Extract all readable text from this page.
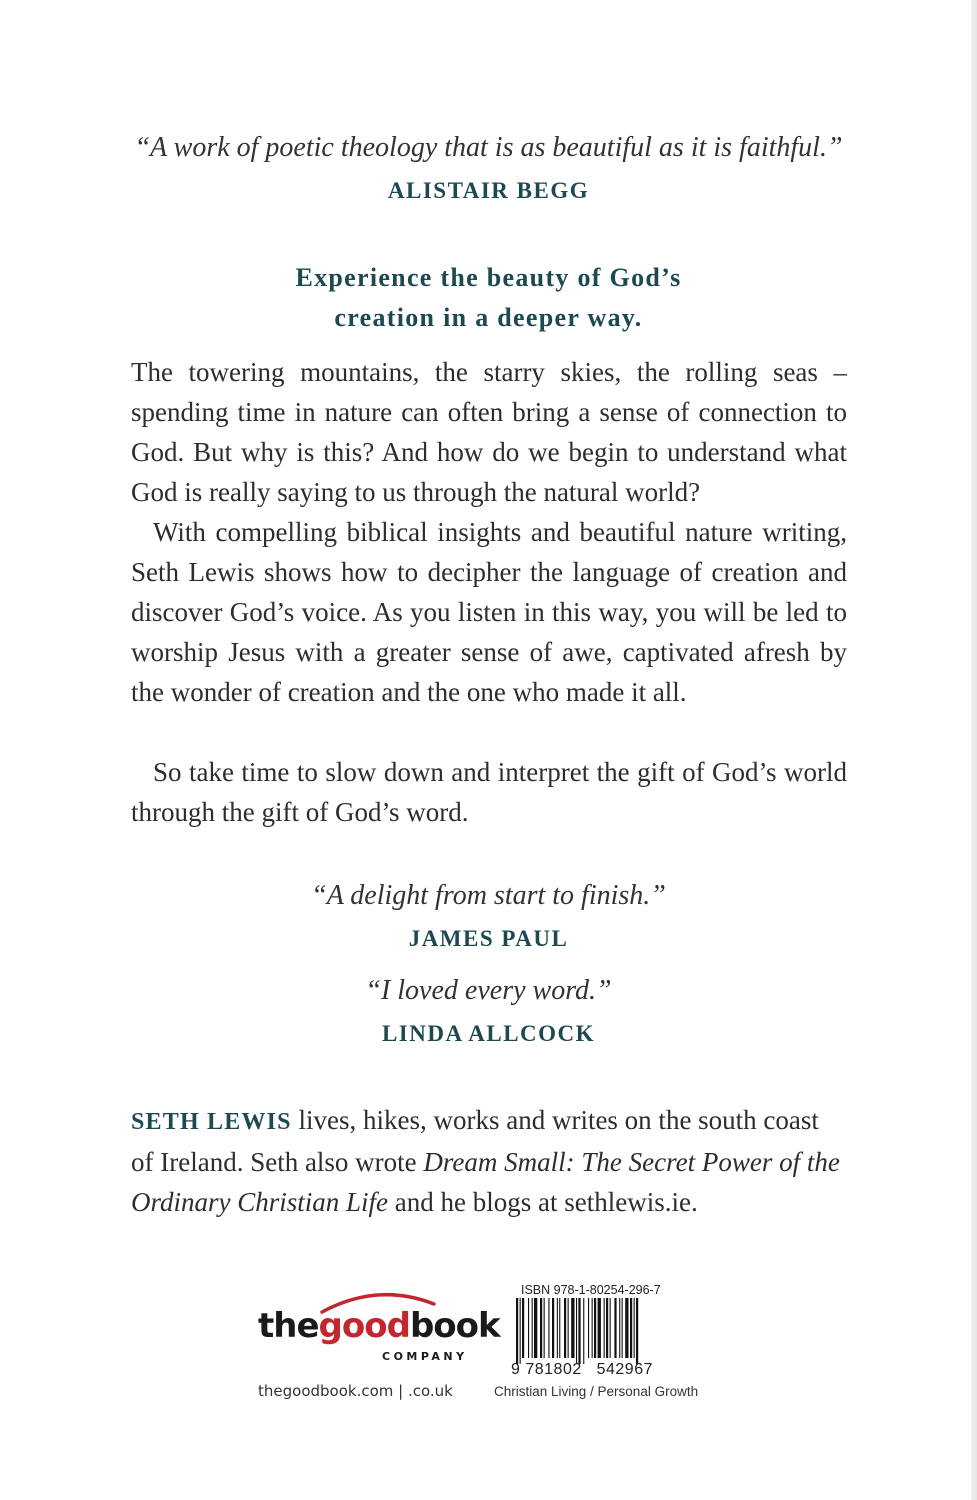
“A work of poetic theology that is as beautiful as it is faithful.”

ALISTAIR BEGG

Experience the beauty of God’s
creation in a deeper way.

The towering mountains, the starry skies, the rolling seas – spending time in nature can often bring a sense of connection to God. But why is this? And how do we begin to understand what God is really saying to us through the natural world?

With compelling biblical insights and beautiful nature writing, Seth Lewis shows how to decipher the language of creation and discover God’s voice. As you listen in this way, you will be led to worship Jesus with a greater sense of awe, captivated afresh by the wonder of creation and the one who made it all.

So take time to slow down and interpret the gift of God’s world through the gift of God’s word.

“A delight from start to finish.”

JAMES PAUL

“I loved every word.”

LINDA ALLCOCK

SETH LEWIS lives, hikes, works and writes on the south coast of Ireland. Seth also wrote Dream Small: The Secret Power of the Ordinary Christian Life and he blogs at sethlewis.ie.

thegoodbook
COMPANY
thegoodbook.com | .co.uk
ISBN 978-1-80254-296-7
9 781802 542967
Christian Living / Personal Growth
